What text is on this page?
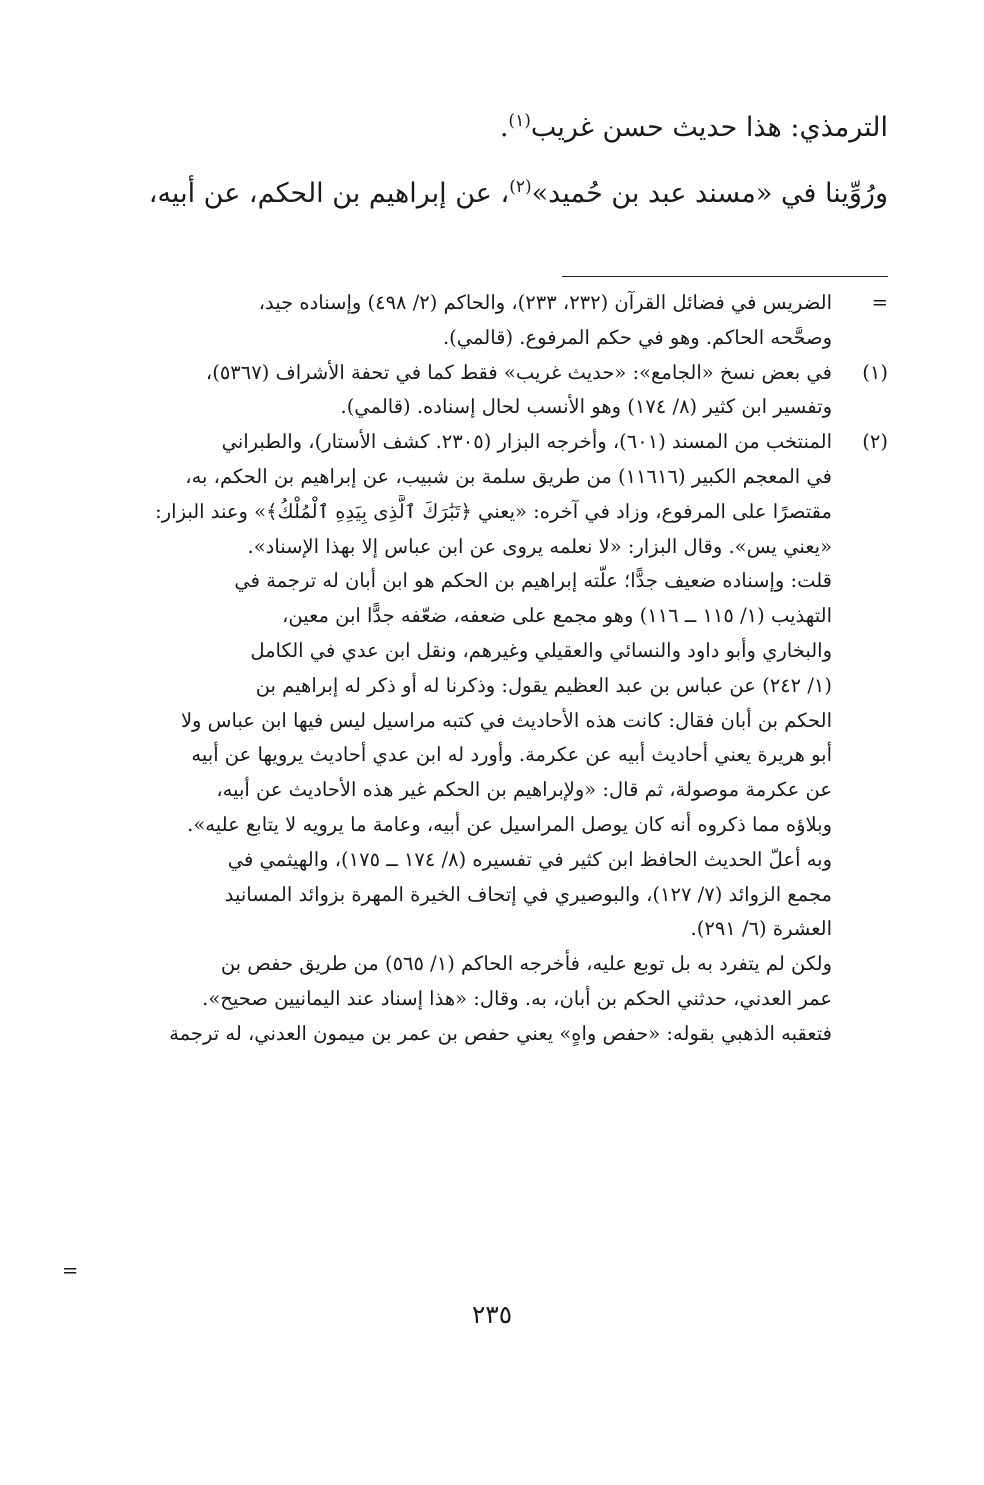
الترمذي: هذا حديث حسن غريب$^{(١)}$.

ورُوِّينا في «مسند عبد بن حُميد»$^{(٢)}$، عن إبراهيم بن الحكم، عن أبيه،

=
الضريس في فضائل القرآن (٢٣٢، ٢٣٣)، والحاكم (٢/ ٤٩٨) وإسناده جيد،
وصحَّحه الحاكم. وهو في حكم المرفوع. (قالمي).
(١)
في بعض نسخ «الجامع»: «حديث غريب» فقط كما في تحفة الأشراف (٥٣٦٧)،
وتفسير ابن كثير (٨/ ١٧٤) وهو الأنسب لحال إسناده. (قالمي).
(٢)
المنتخب من المسند (٦٠١)، وأخرجه البزار (٢٣٠٥. كشف الأستار)، والطبراني
في المعجم الكبير (١١٦١٦) من طريق سلمة بن شبيب، عن إبراهيم بن الحكم، به،
مقتصرًا على المرفوع، وزاد في آخره: «يعني ﴿تَبَٰرَكَ ٱلَّذِى بِيَدِهِ ٱلْمُلْكُ﴾» وعند البزار:
«يعني يس». وقال البزار: «لا نعلمه يروى عن ابن عباس إلا بهذا الإسناد».
قلت: وإسناده ضعيف جدًّا؛ علّته إبراهيم بن الحكم هو ابن أبان له ترجمة في
التهذيب (١/ ١١٥ ــ ١١٦) وهو مجمع على ضعفه، ضعّفه جدًّا ابن معين،
والبخاري وأبو داود والنسائي والعقيلي وغيرهم، ونقل ابن عدي في الكامل
(١/ ٢٤٢) عن عباس بن عبد العظيم يقول: وذكرنا له أو ذكر له إبراهيم بن
الحكم بن أبان فقال: كانت هذه الأحاديث في كتبه مراسيل ليس فيها ابن عباس ولا
أبو هريرة يعني أحاديث أبيه عن عكرمة. وأورد له ابن عدي أحاديث يرويها عن أبيه
عن عكرمة موصولة، ثم قال: «ولإبراهيم بن الحكم غير هذه الأحاديث عن أبيه،
وبلاؤه مما ذكروه أنه كان يوصل المراسيل عن أبيه، وعامة ما يرويه لا يتابع عليه».
وبه أعلّ الحديث الحافظ ابن كثير في تفسيره (٨/ ١٧٤ ــ ١٧٥)، والهيثمي في
مجمع الزوائد (٧/ ١٢٧)، والبوصيري في إتحاف الخيرة المهرة بزوائد المسانيد
العشرة (٦/ ٢٩١).
ولكن لم يتفرد به بل توبع عليه، فأخرجه الحاكم (١/ ٥٦٥) من طريق حفص بن
عمر العدني، حدثني الحكم بن أبان، به. وقال: «هذا إسناد عند اليمانيين صحيح».
فتعقبه الذهبي بقوله: «حفص واهٍ» يعني حفص بن عمر بن ميمون العدني، له ترجمة
=
٢٣٥
